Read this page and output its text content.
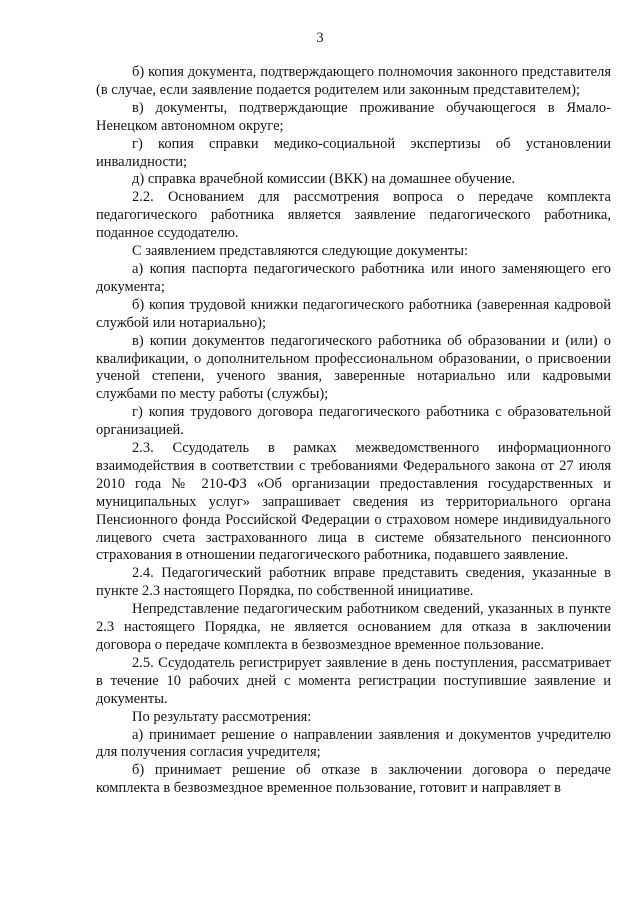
3

б) копия документа, подтверждающего полномочия законного представителя (в случае, если заявление подается родителем или законным представителем);

в) документы, подтверждающие проживание обучающегося в Ямало-Ненецком автономном округе;

г) копия справки медико-социальной экспертизы об установлении инвалидности;

д) справка врачебной комиссии (ВКК) на домашнее обучение.

2.2. Основанием для рассмотрения вопроса о передаче комплекта педагогического работника является заявление педагогического работника, поданное ссудодателю.

С заявлением представляются следующие документы:

а) копия паспорта педагогического работника или иного заменяющего его документа;

б) копия трудовой книжки педагогического работника (заверенная кадровой службой или нотариально);

в) копии документов педагогического работника об образовании и (или) о квалификации, о дополнительном профессиональном образовании, о присвоении ученой степени, ученого звания, заверенные нотариально или кадровыми службами по месту работы (службы);

г) копия трудового договора педагогического работника с образовательной организацией.

2.3. Ссудодатель в рамках межведомственного информационного взаимодействия в соответствии с требованиями Федерального закона от 27 июля 2010 года № 210-ФЗ «Об организации предоставления государственных и муниципальных услуг» запрашивает сведения из территориального органа Пенсионного фонда Российской Федерации о страховом номере индивидуального лицевого счета застрахованного лица в системе обязательного пенсионного страхования в отношении педагогического работника, подавшего заявление.

2.4. Педагогический работник вправе представить сведения, указанные в пункте 2.3 настоящего Порядка, по собственной инициативе.

Непредставление педагогическим работником сведений, указанных в пункте 2.3 настоящего Порядка, не является основанием для отказа в заключении договора о передаче комплекта в безвозмездное временное пользование.

2.5. Ссудодатель регистрирует заявление в день поступления, рассматривает в течение 10 рабочих дней с момента регистрации поступившие заявление и документы.

По результату рассмотрения:

а) принимает решение о направлении заявления и документов учредителю для получения согласия учредителя;

б) принимает решение об отказе в заключении договора о передаче комплекта в безвозмездное временное пользование, готовит и направляет в
